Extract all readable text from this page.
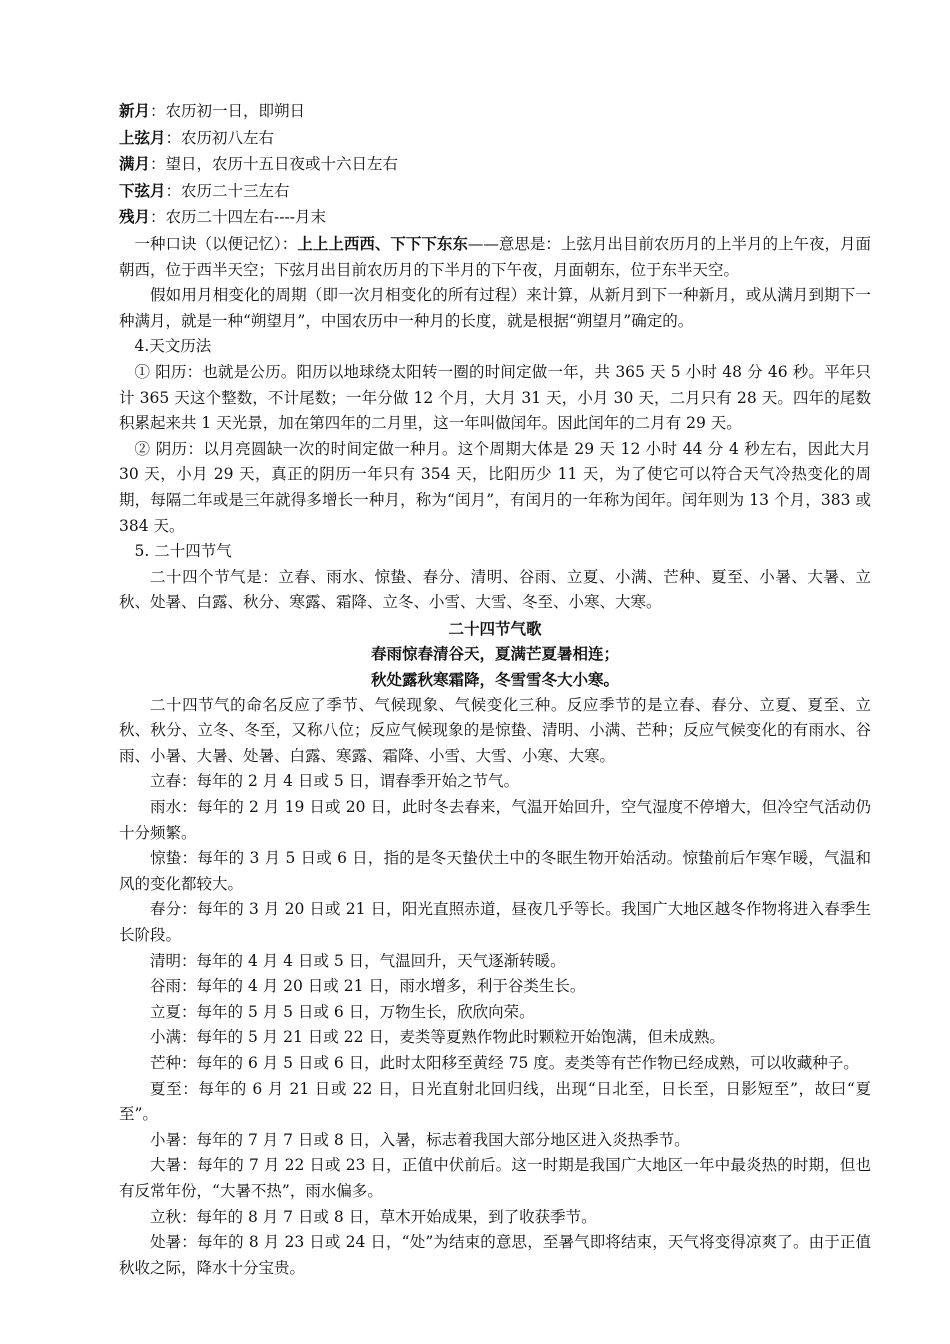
新月：农历初一日，即朔日

上弦月：农历初八左右

满月：望日，农历十五日夜或十六日左右

下弦月：农历二十三左右

残月：农历二十四左右----月末

一种口诀（以便记忆）：上上上西西、下下下东东——意思是：上弦月出目前农历月的上半月的上午夜，月面朝西，位于西半天空；下弦月出目前农历月的下半月的下午夜，月面朝东，位于东半天空。

假如用月相变化的周期（即一次月相变化的所有过程）来计算，从新月到下一种新月，或从满月到期下一种满月，就是一种“朔望月”，中国农历中一种月的长度，就是根据“朔望月”确定的。

4.天文历法

① 阳历：也就是公历。阳历以地球绕太阳转一圈的时间定做一年，共 365 天 5 小时 48 分 46 秒。平年只计 365 天这个整数，不计尾数；一年分做 12 个月，大月 31 天，小月 30 天，二月只有 28 天。四年的尾数积累起来共 1 天光景，加在第四年的二月里，这一年叫做闰年。因此闰年的二月有 29 天。

② 阴历：以月亮圆缺一次的时间定做一种月。这个周期大体是 29 天 12 小时 44 分 4 秒左右，因此大月 30 天，小月 29 天，真正的阴历一年只有 354 天，比阳历少 11 天，为了使它可以符合天气冷热变化的周期，每隔二年或是三年就得多增长一种月，称为“闰月”，有闰月的一年称为闰年。闰年则为 13 个月，383 或 384 天。

5. 二十四节气

二十四个节气是：立春、雨水、惊蛰、春分、清明、谷雨、立夏、小满、芒种、夏至、小暑、大暑、立秋、处暑、白露、秋分、寒露、霜降、立冬、小雪、大雪、冬至、小寒、大寒。

二十四节气歌

春雨惊春清谷天，夏满芒夏暑相连；

秋处露秋寒霜降，冬雪雪冬大小寒。

二十四节气的命名反应了季节、气候现象、气候变化三种。反应季节的是立春、春分、立夏、夏至、立秋、秋分、立冬、冬至，又称八位；反应气候现象的是惊蛰、清明、小满、芒种；反应气候变化的有雨水、谷雨、小暑、大暑、处暑、白露、寒露、霜降、小雪、大雪、小寒、大寒。

立春：每年的 2 月 4 日或 5 日，谓春季开始之节气。

雨水：每年的 2 月 19 日或 20 日，此时冬去春来，气温开始回升，空气湿度不停增大，但冷空气活动仍十分频繁。

惊蛰：每年的 3 月 5 日或 6 日，指的是冬天蛰伏土中的冬眠生物开始活动。惊蛰前后乍寒乍暖，气温和风的变化都较大。

春分：每年的 3 月 20 日或 21 日，阳光直照赤道，昼夜几乎等长。我国广大地区越冬作物将进入春季生长阶段。

清明：每年的 4 月 4 日或 5 日，气温回升，天气逐渐转暖。

谷雨：每年的 4 月 20 日或 21 日，雨水增多，利于谷类生长。

立夏：每年的 5 月 5 日或 6 日，万物生长，欣欣向荣。

小满：每年的 5 月 21 日或 22 日，麦类等夏熟作物此时颗粒开始饱满，但未成熟。

芒种：每年的 6 月 5 日或 6 日，此时太阳移至黄经 75 度。麦类等有芒作物已经成熟，可以收藏种子。

夏至：每年的 6 月 21 日或 22 日，日光直射北回归线，出现“日北至，日长至，日影短至”，故曰“夏至”。

小暑：每年的 7 月 7 日或 8 日，入暑，标志着我国大部分地区进入炎热季节。

大暑：每年的 7 月 22 日或 23 日，正值中伏前后。这一时期是我国广大地区一年中最炎热的时期，但也有反常年份，“大暑不热”，雨水偏多。

立秋：每年的 8 月 7 日或 8 日，草木开始成果，到了收获季节。

处暑：每年的 8 月 23 日或 24 日，“处”为结束的意思，至暑气即将结束，天气将变得凉爽了。由于正值秋收之际，降水十分宝贵。
